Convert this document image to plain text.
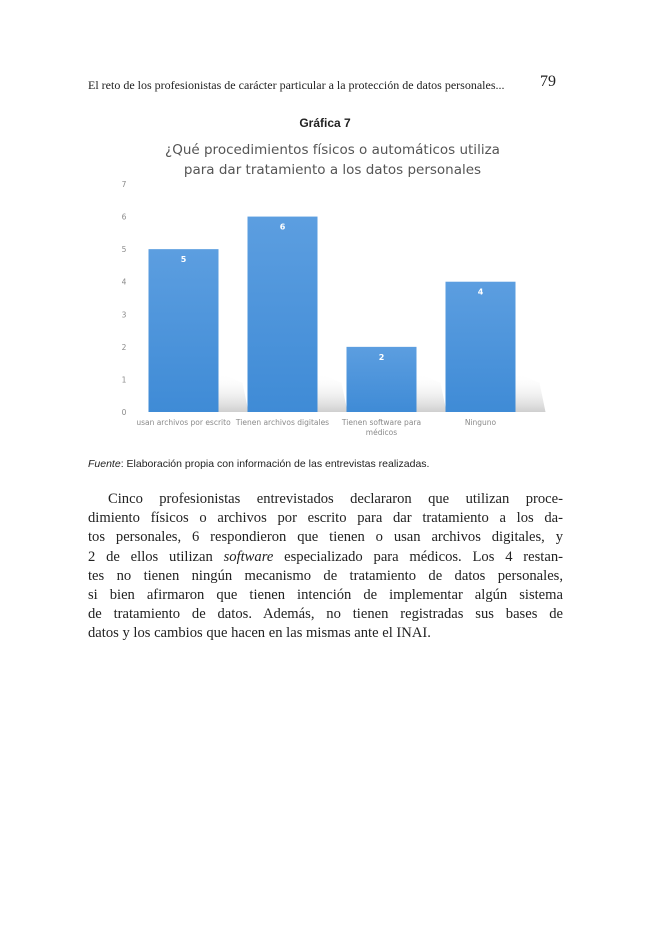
El reto de los profesionistas de carácter particular a la protección de datos personales...	79
Gráfica 7
¿Qué procedimientos físicos o automáticos utiliza
para dar tratamiento a los datos personales
0
1
2
3
4
5
6
7
5
usan archivos por escrito
6
Tienen archivos digitales
2
Tienen software para
médicos
4
Ninguno
Fuente: Elaboración propia con información de las entrevistas realizadas.
Cinco profesionistas entrevistados declararon que utilizan proce-
dimiento físicos o archivos por escrito para dar tratamiento a los da-
tos personales, 6 respondieron que tienen o usan archivos digitales, y
2 de ellos utilizan software especializado para médicos. Los 4 restan-
tes no tienen ningún mecanismo de tratamiento de datos personales,
si bien afirmaron que tienen intención de implementar algún sistema
de tratamiento de datos. Además, no tienen registradas sus bases de
datos y los cambios que hacen en las mismas ante el INAI.
